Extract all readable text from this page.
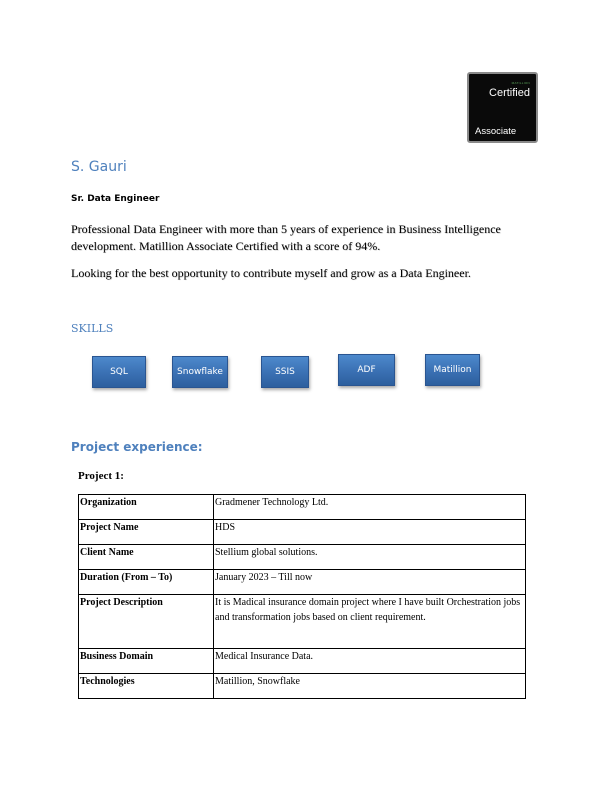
MATILLION
Certified
Associate
S. Gauri
Sr. Data Engineer
Professional Data Engineer with more than 5 years of experience in Business Intelligence development. Matillion Associate Certified with a score of 94%.
Looking for the best opportunity to contribute myself and grow as a Data Engineer.
SKILLS
SQL	Snowflake	SSIS	ADF	Matillion
Project experience:
Project 1:
Organization	Gradmener Technology Ltd.
Project Name	HDS
Client Name	Stellium global solutions.
Duration (From – To)	January 2023 – Till now
Project Description	It is Madical insurance domain project where I have built Orchestration jobs and transformation jobs based on client requirement.
Business Domain	Medical Insurance Data.
Technologies	Matillion, Snowflake
